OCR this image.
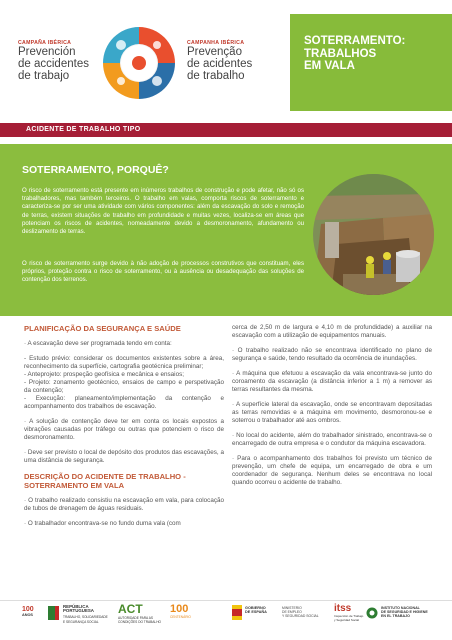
CAMPAÑA IBÉRICA
Prevención
de accidentes
de trabajo
CAMPANHA IBÉRICA
Prevenção
de acidentes
de trabalho
SOTERRAMENTO:
TRABALHOS
EM VALA
ACIDENTE DE TRABALHO TIPO
SOTERRAMENTO, PORQUÊ?
O risco de soterramento está presente em inúmeros trabalhos de construção e pode afetar, não só os trabalhadores, mas também terceiros. O trabalho em valas, comporta riscos de soterramento e caracteriza-se por ser uma atividade com vários componentes: além da escavação do solo e remoção de terras, existem situações de trabalho em profundidade e muitas vezes, localiza-se em áreas que potenciam os riscos de acidentes, nomeadamente devido a desmoronamento, afundamento ou deslizamento de terras.
O risco de soterramento surge devido à não adoção de processos construtivos que constituam, eles próprios, proteção contra o risco de soterramento, ou à ausência ou desadequação das soluções de contenção dos terrenos.
PLANIFICAÇÃO DA SEGURANÇA E SAÚDE

· A escavação deve ser programada tendo em conta:

- Estudo prévio: considerar os documentos existentes sobre a área, reconhecimento da superfície, cartografia geotécnica preliminar;

- Anteprojeto: prospeção geofísica e mecânica e ensaios;

- Projeto: zonamento geotécnico, ensaios de campo e perspetivação da contenção;

- Execução: planeamento/implementação da contenção e acompanhamento dos trabalhos de escavação.

· A solução de contenção deve ter em conta os locais expostos a vibrações causadas por tráfego ou outras que potenciem o risco de desmoronamento.

· Deve ser previsto o local de depósito dos produtos das escavações, a uma distância de segurança.

DESCRIÇÃO DO ACIDENTE DE TRABALHO - SOTERRAMENTO EM VALA

· O trabalho realizado consistiu na escavação em vala, para colocação de tubos de drenagem de águas residuais.

· O trabalhador encontrava-se no fundo duma vala (com

cerca de 2,50 m de largura e 4,10 m de profundidade) a auxiliar na escavação com a utilização de equipamentos manuais.

· O trabalho realizado não se encontrava identificado no plano de segurança e saúde, tendo resultado da ocorrência de inundações.

· A máquina que efetuou a escavação da vala encontrava-se junto do coroamento da escavação (a distância inferior a 1 m) a remover as terras resultantes da mesma.

· A superfície lateral da escavação, onde se encontravam depositadas as terras removidas e a máquina em movimento, desmoronou-se e soterrou o trabalhador até aos ombros.

· No local do acidente, além do trabalhador sinistrado, encontrava-se o encarregado de outra empresa e o condutor da máquina escavadora.

· Para o acompanhamento dos trabalhos foi previsto um técnico de prevenção, um chefe de equipa, um encarregado de obra e um coordenador de segurança. Nenhum deles se encontrava no local quando ocorreu o acidente de trabalho.

100
ANOS
REPÚBLICA
PORTUGUESA
TRABALHO, SOLIDARIEDADE
E SEGURANÇA SOCIAL
ACT
AUTORIDADE PARA AS
CONDIÇÕES DO TRABALHO
100
CENTENÁRIO
GOBIERNO
DE ESPAÑA
MINISTERIO
DE EMPLEO
Y SEGURIDAD SOCIAL
itss
Inspección de Trabajo
y Seguridad Social
INSTITUTO NACIONAL
DE SEGURIDAD E HIGIENE
EN EL TRABAJO
